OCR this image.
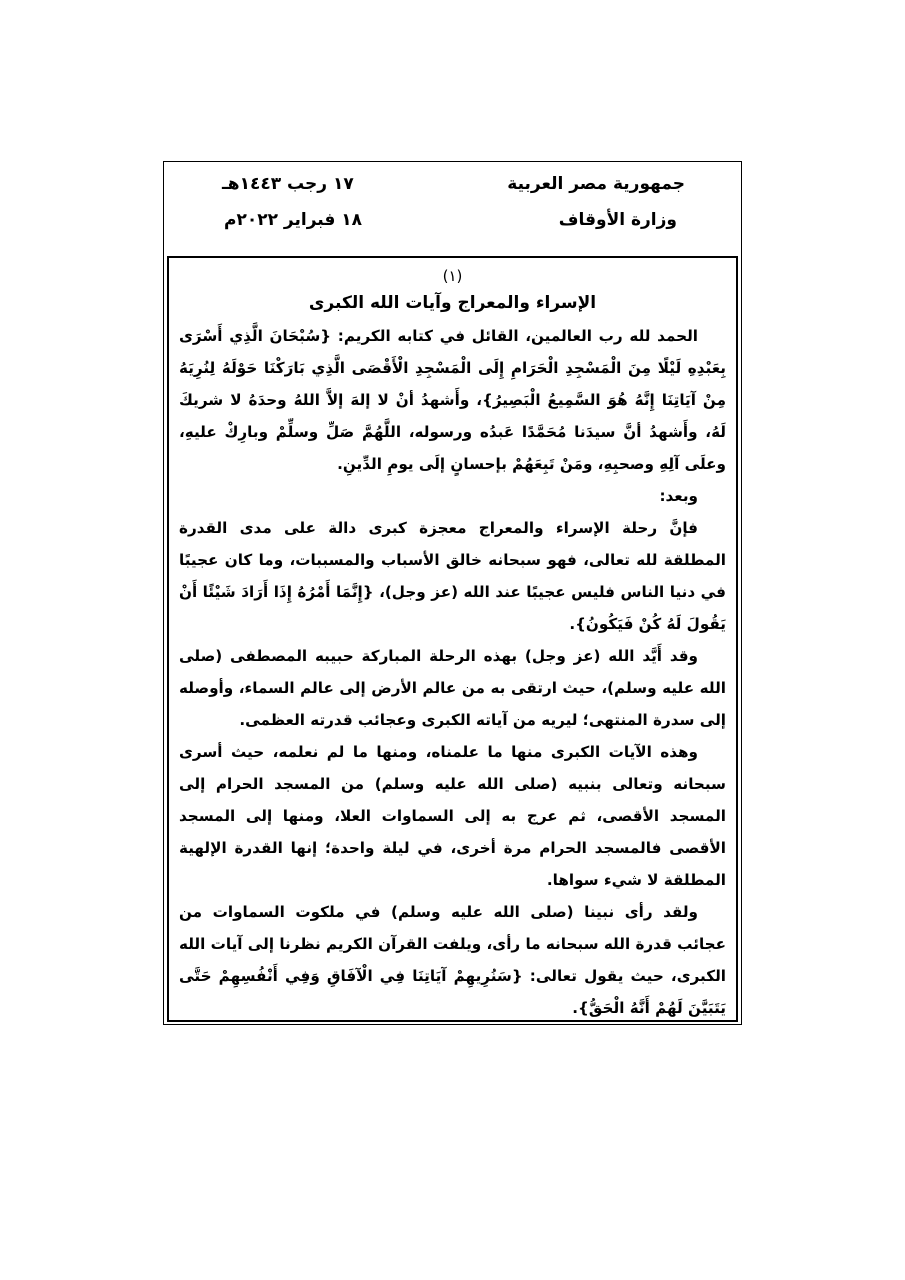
جمهورية مصر العربية
وزارة الأوقاف
١٧ رجب ١٤٤٣هـ
١٨ فبراير ٢٠٢٢م
(١)
الإسراء والمعراج وآيات الله الكبرى

الحمد لله رب العالمين، القائل في كتابه الكريم: {سُبْحَانَ الَّذِي أَسْرَى بِعَبْدِهِ لَيْلًا مِنَ الْمَسْجِدِ الْحَرَامِ إِلَى الْمَسْجِدِ الْأَقْصَى الَّذِي بَارَكْنَا حَوْلَهُ لِنُرِيَهُ مِنْ آيَاتِنَا إِنَّهُ هُوَ السَّمِيعُ الْبَصِيرُ}، وأَشهدُ أنْ لا إلهَ إلاَّ اللهُ وحدَهُ لا شريكَ لَهُ، وأَشهدُ أنَّ سيدَنا مُحَمَّدًا عَبدُه ورسوله، اللَّهُمَّ صَلِّ وسلِّمْ وبارِكْ عليهِ، وعلَى آلِهِ وصحبِهِ، ومَنْ تَبِعَهُمْ بإحسانٍ إلَى يومِ الدِّينِ.

وبعد:

فإنَّ رحلة الإسراء والمعراج معجزة كبرى دالة على مدى القدرة المطلقة لله تعالى، فهو سبحانه خالق الأسباب والمسببات، وما كان عجيبًا في دنيا الناس فليس عجيبًا عند الله (عز وجل)، {إِنَّمَا أَمْرُهُ إِذَا أَرَادَ شَيْئًا أَنْ يَقُولَ لَهُ كُنْ فَيَكُونُ}.

وقد أَيَّد الله (عز وجل) بهذه الرحلة المباركة حبيبه المصطفى (صلى الله عليه وسلم)، حيث ارتقى به من عالم الأرض إلى عالم السماء، وأوصله إلى سدرة المنتهى؛ ليريه من آياته الكبرى وعجائب قدرته العظمى.

وهذه الآيات الكبرى منها ما علمناه، ومنها ما لم نعلمه، حيث أسرى سبحانه وتعالى بنبيه (صلى الله عليه وسلم) من المسجد الحرام إلى المسجد الأقصى، ثم عرج به إلى السماوات العلا، ومنها إلى المسجد الأقصى فالمسجد الحرام مرة أخرى، في ليلة واحدة؛ إنها القدرة الإلهية المطلقة لا شيء سواها.

ولقد رأى نبينا (صلى الله عليه وسلم) في ملكوت السماوات من عجائب قدرة الله سبحانه ما رأى، ويلفت القرآن الكريم نظرنا إلى آيات الله الكبرى، حيث يقول تعالى: {سَنُرِيهِمْ آيَاتِنَا فِي الْآفَاقِ وَفِي أَنْفُسِهِمْ حَتَّى يَتَبَيَّنَ لَهُمْ أَنَّهُ الْحَقُّ}.
